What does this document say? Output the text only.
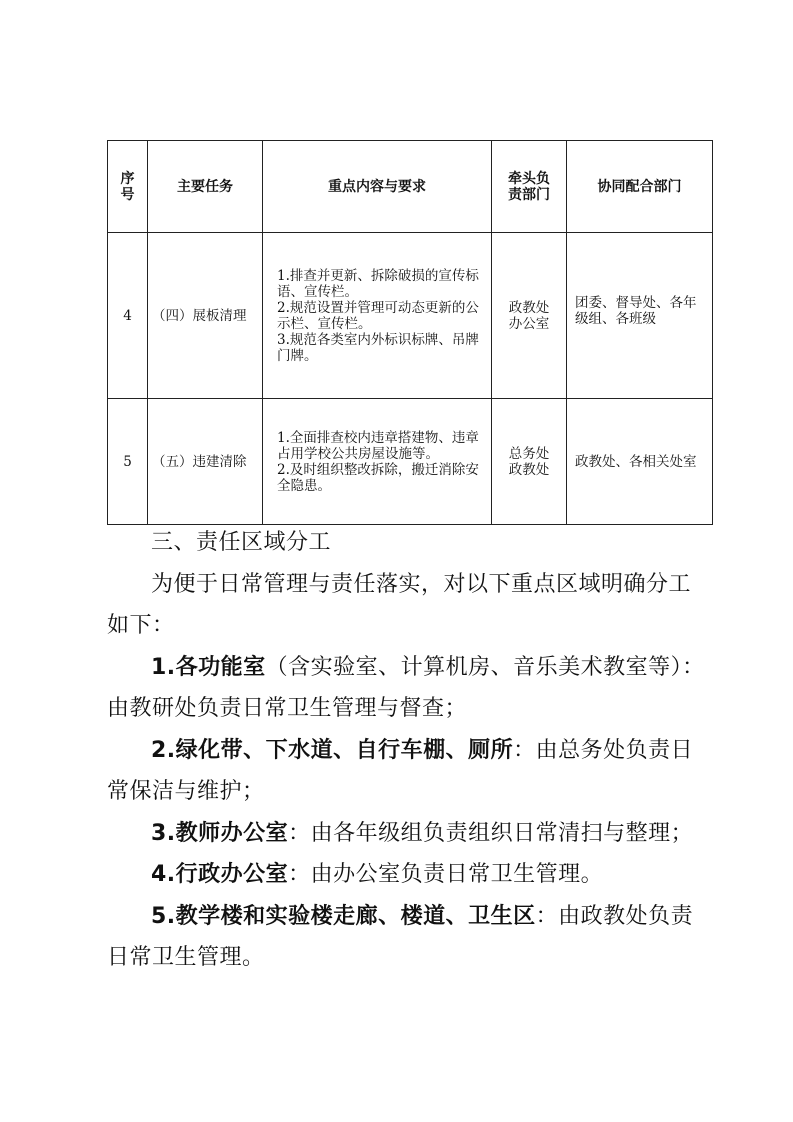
序号	主要任务	重点内容与要求	牵头负责部门	协同配合部门
4	（四）展板清理	1.排查并更新、拆除破损的宣传标语、宣传栏。
2.规范设置并管理可动态更新的公示栏、宣传栏。
3.规范各类室内外标识标牌、吊牌门牌。	政教处办公室	团委、督导处、各年级组、各班级
5	（五）违建清除	1.全面排查校内违章搭建物、违章占用学校公共房屋设施等。
2.及时组织整改拆除，搬迁消除安全隐患。	总务处政教处	政教处、各相关处室

三、责任区域分工

为便于日常管理与责任落实，对以下重点区域明确分工如下：

1.各功能室（含实验室、计算机房、音乐美术教室等）：由教研处负责日常卫生管理与督查；

2.绿化带、下水道、自行车棚、厕所：由总务处负责日常保洁与维护；

3.教师办公室：由各年级组负责组织日常清扫与整理；

4.行政办公室：由办公室负责日常卫生管理。

5.教学楼和实验楼走廊、楼道、卫生区：由政教处负责日常卫生管理。
